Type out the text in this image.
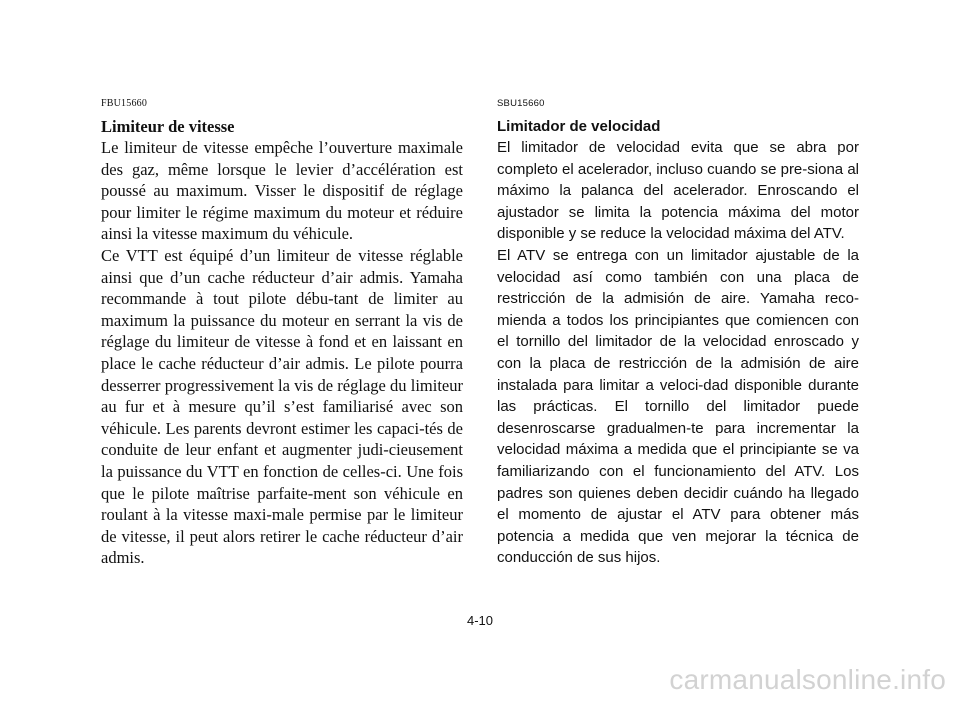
FBU15660
Limiteur de vitesse

Le limiteur de vitesse empêche l’ouverture maximale des gaz, même lorsque le levier d’accélération est poussé au maximum. Visser le dispositif de réglage pour limiter le régime maximum du moteur et réduire ainsi la vitesse maximum du véhicule.

Ce VTT est équipé d’un limiteur de vitesse réglable ainsi que d’un cache réducteur d’air admis. Yamaha recommande à tout pilote débu-tant de limiter au maximum la puissance du moteur en serrant la vis de réglage du limiteur de vitesse à fond et en laissant en place le cache réducteur d’air admis. Le pilote pourra desserrer progressivement la vis de réglage du limiteur au fur et à mesure qu’il s’est familiarisé avec son véhicule. Les parents devront estimer les capaci-tés de conduite de leur enfant et augmenter judi-cieusement la puissance du VTT en fonction de celles-ci. Une fois que le pilote maîtrise parfaite-ment son véhicule en roulant à la vitesse maxi-male permise par le limiteur de vitesse, il peut alors retirer le cache réducteur d’air admis.

SBU15660
Limitador de velocidad

El limitador de velocidad evita que se abra por completo el acelerador, incluso cuando se pre-siona al máximo la palanca del acelerador. Enroscando el ajustador se limita la potencia máxima del motor disponible y se reduce la velocidad máxima del ATV.

El ATV se entrega con un limitador ajustable de la velocidad así como también con una placa de restricción de la admisión de aire. Yamaha reco-mienda a todos los principiantes que comiencen con el tornillo del limitador de la velocidad enroscado y con la placa de restricción de la admisión de aire instalada para limitar a veloci-dad disponible durante las prácticas. El tornillo del limitador puede desenroscarse gradualmen-te para incrementar la velocidad máxima a medida que el principiante se va familiarizando con el funcionamiento del ATV. Los padres son quienes deben decidir cuándo ha llegado el momento de ajustar el ATV para obtener más potencia a medida que ven mejorar la técnica de conducción de sus hijos.

4-10
carmanualsonline.info
